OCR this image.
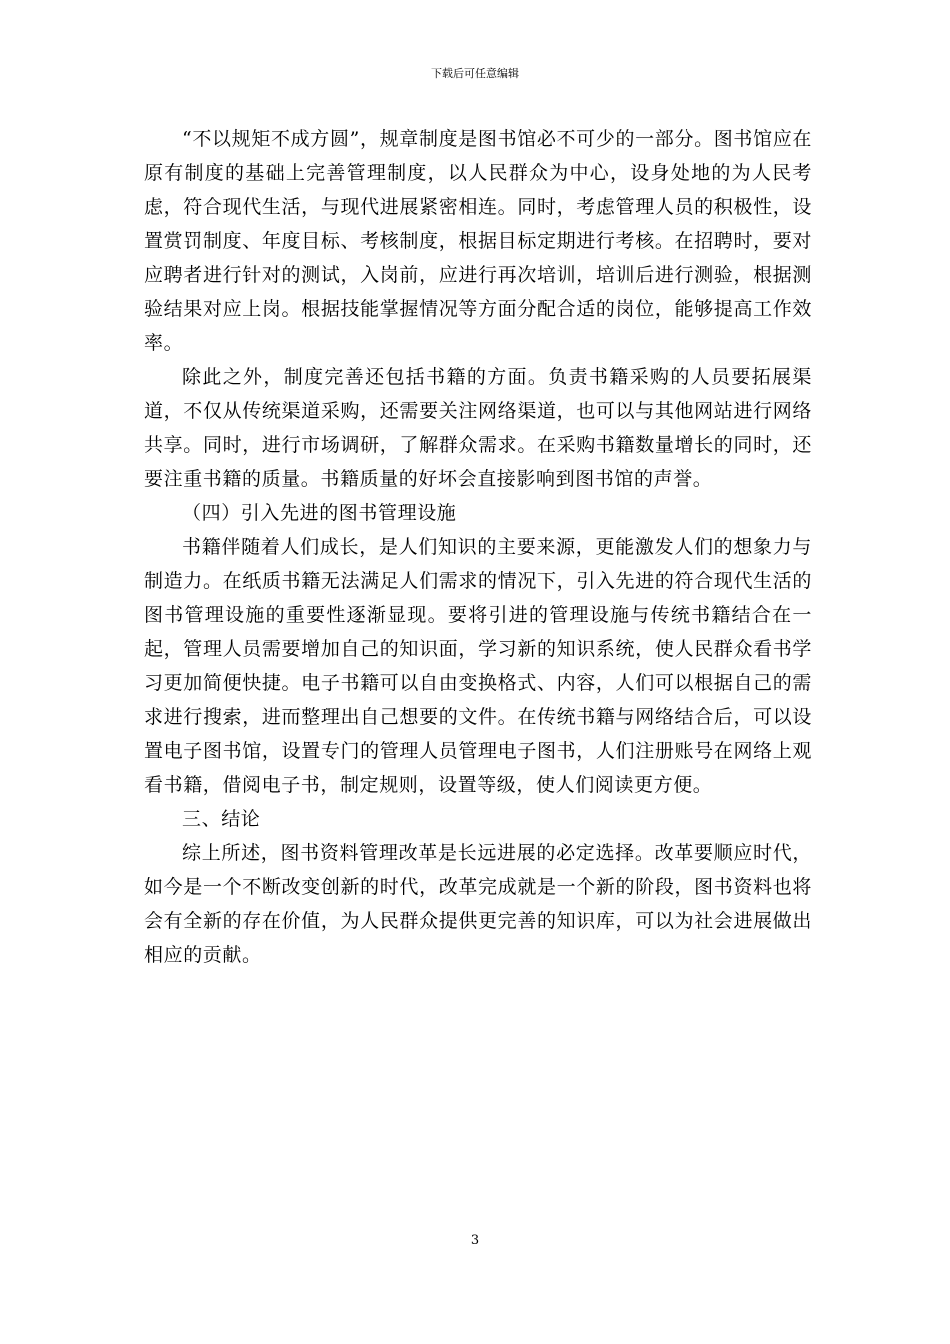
下载后可任意编辑

“不以规矩不成方圆”，规章制度是图书馆必不可少的一部分。图书馆应在原有制度的基础上完善管理制度，以人民群众为中心，设身处地的为人民考虑，符合现代生活，与现代进展紧密相连。同时，考虑管理人员的积极性，设置赏罚制度、年度目标、考核制度，根据目标定期进行考核。在招聘时，要对应聘者进行针对的测试，入岗前，应进行再次培训，培训后进行测验，根据测验结果对应上岗。根据技能掌握情况等方面分配合适的岗位，能够提高工作效率。

除此之外，制度完善还包括书籍的方面。负责书籍采购的人员要拓展渠道，不仅从传统渠道采购，还需要关注网络渠道，也可以与其他网站进行网络共享。同时，进行市场调研，了解群众需求。在采购书籍数量增长的同时，还要注重书籍的质量。书籍质量的好坏会直接影响到图书馆的声誉。

（四）引入先进的图书管理设施

书籍伴随着人们成长，是人们知识的主要来源，更能激发人们的想象力与制造力。在纸质书籍无法满足人们需求的情况下，引入先进的符合现代生活的图书管理设施的重要性逐渐显现。要将引进的管理设施与传统书籍结合在一起，管理人员需要增加自己的知识面，学习新的知识系统，使人民群众看书学习更加简便快捷。电子书籍可以自由变换格式、内容，人们可以根据自己的需求进行搜索，进而整理出自己想要的文件。在传统书籍与网络结合后，可以设置电子图书馆，设置专门的管理人员管理电子图书，人们注册账号在网络上观看书籍，借阅电子书，制定规则，设置等级，使人们阅读更方便。

三、结论

综上所述，图书资料管理改革是长远进展的必定选择。改革要顺应时代，如今是一个不断改变创新的时代，改革完成就是一个新的阶段，图书资料也将会有全新的存在价值，为人民群众提供更完善的知识库，可以为社会进展做出相应的贡献。

3
